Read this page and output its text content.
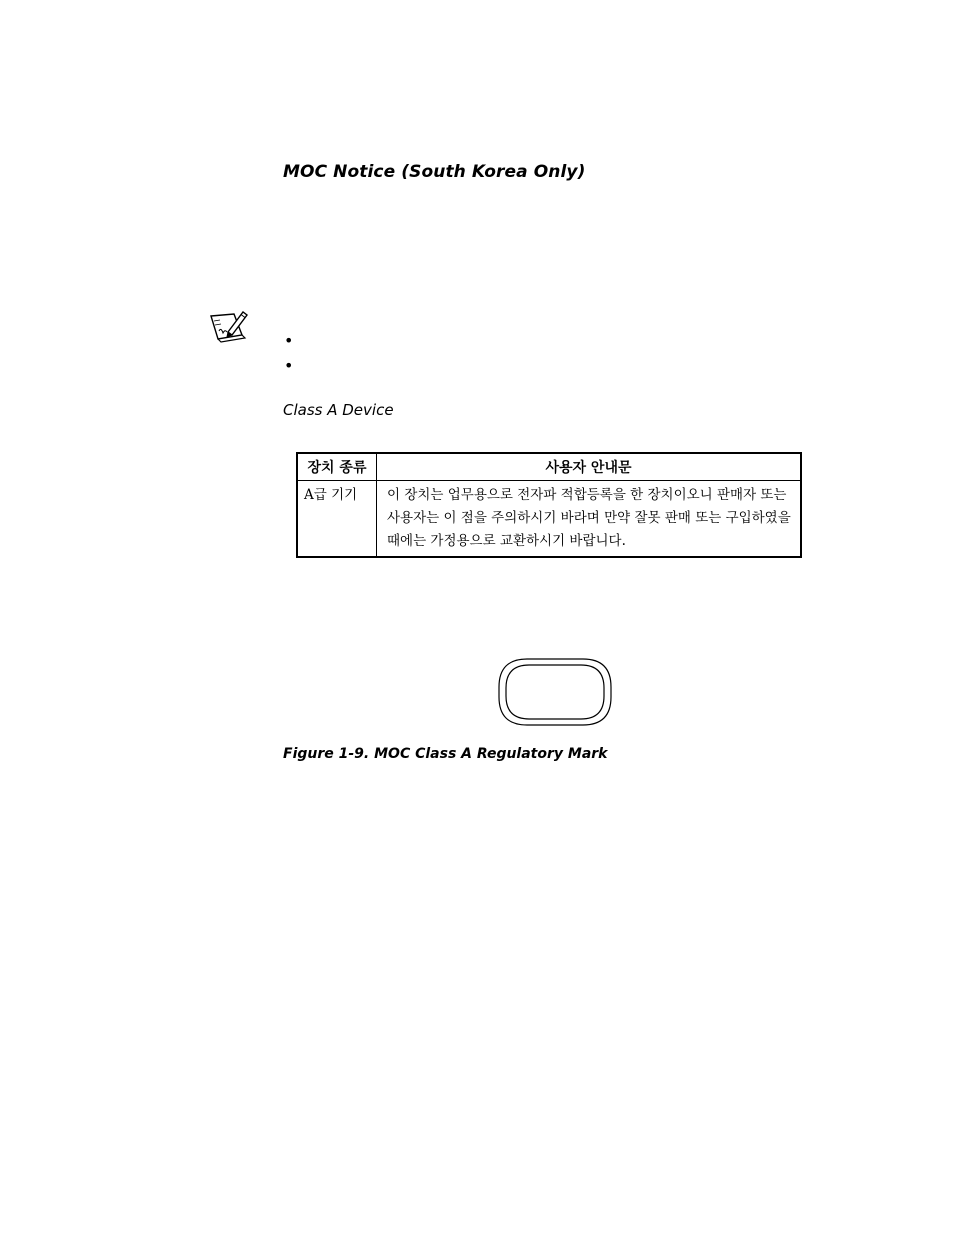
MOC Notice (South Korea Only)
•
•
Class A Device
장치 종류	사용자 안내문
A급 기기	이 장치는 업무용으로 전자파 적합등록을 한 장치이오니 판매자 또는 사용자는 이 점을 주의하시기 바라며 만약 잘못 판매 또는 구입하였을 때에는 가정용으로 교환하시기 바랍니다.
Figure 1-9. MOC Class A Regulatory Mark
